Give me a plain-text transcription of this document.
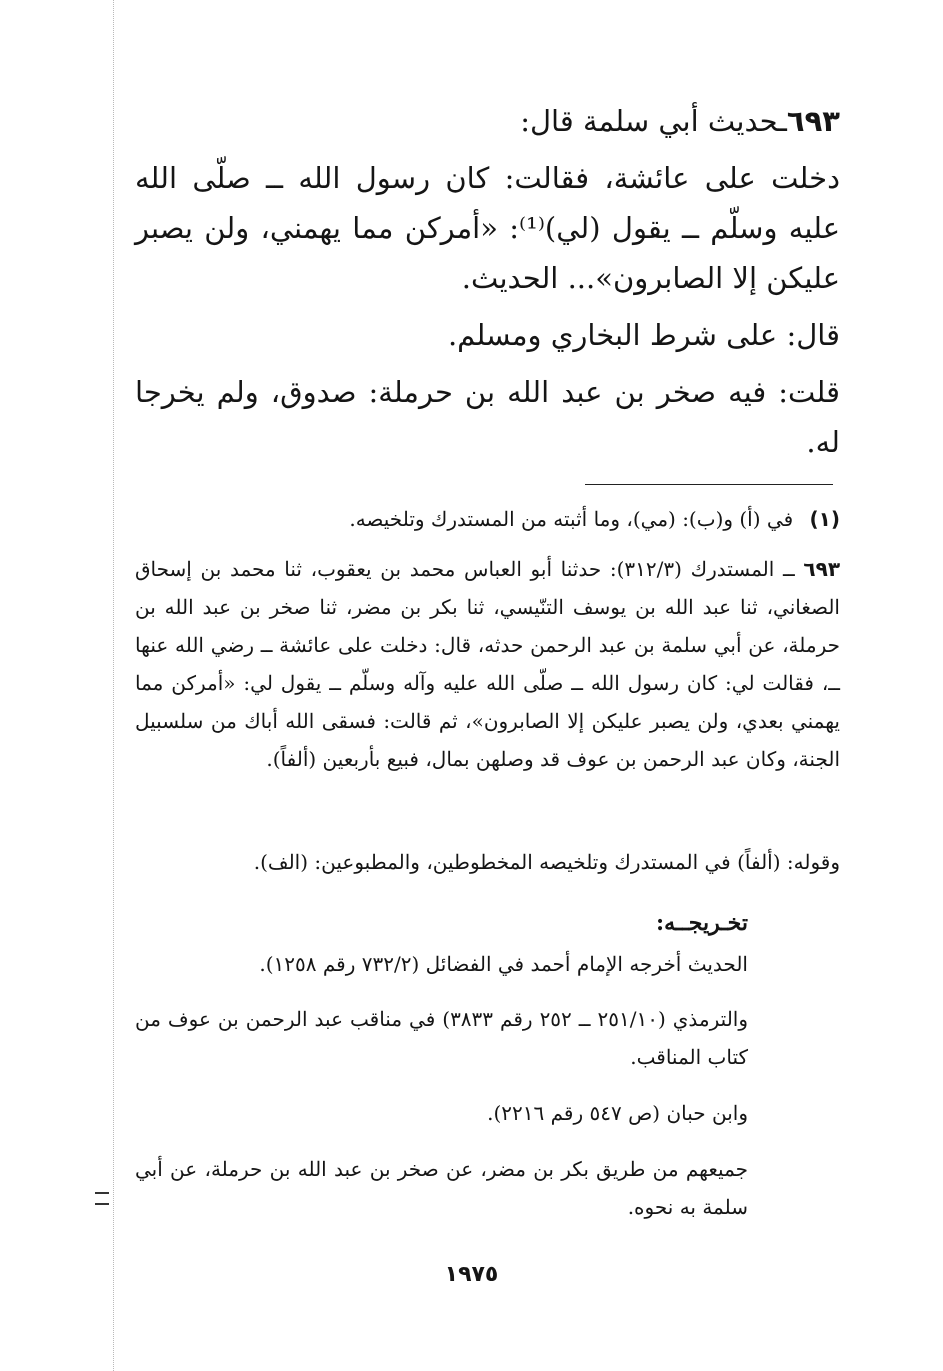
٦٩٣ـحديث أبي سلمة قال:
دخلت على عائشة، فقالت: كان رسول الله ــ صلّى الله عليه وسلّم ــ يقول (لي)⁽¹⁾: «أمركن مما يهمني، ولن يصبر عليكن إلا الصابرون»... الحديث.
قال: على شرط البخاري ومسلم.
قلت: فيه صخر بن عبد الله بن حرملة: صدوق، ولم يخرجا له.
(١) في (أ) و(ب): (مي)، وما أثبته من المستدرك وتلخيصه.
٦٩٣ ــ المستدرك (٣١٢/٣): حدثنا أبو العباس محمد بن يعقوب، ثنا محمد بن إسحاق الصغاني، ثنا عبد الله بن يوسف التنّيسي، ثنا بكر بن مضر، ثنا صخر بن عبد الله بن حرملة، عن أبي سلمة بن عبد الرحمن حدثه، قال: دخلت على عائشة ــ رضي الله عنها ــ، فقالت لي: كان رسول الله ــ صلّى الله عليه وآله وسلّم ــ يقول لي: «أمركن مما يهمني بعدي، ولن يصبر عليكن إلا الصابرون»، ثم قالت: فسقى الله أباك من سلسبيل الجنة، وكان عبد الرحمن بن عوف قد وصلهن بمال، فبيع بأربعين (ألفاً).
وقوله: (ألفاً) في المستدرك وتلخيصه المخطوطين، والمطبوعين: (الف).
تخـريجــه:
الحديث أخرجه الإمام أحمد في الفضائل (٧٣٢/٢ رقم ١٢٥٨).
والترمذي (٢٥١/١٠ ــ ٢٥٢ رقم ٣٨٣٣) في مناقب عبد الرحمن بن عوف من كتاب المناقب.
وابن حبان (ص ٥٤٧ رقم ٢٢١٦).
جميعهم من طريق بكر بن مضر، عن صخر بن عبد الله بن حرملة، عن أبي سلمة به نحوه.
١٩٧٥
